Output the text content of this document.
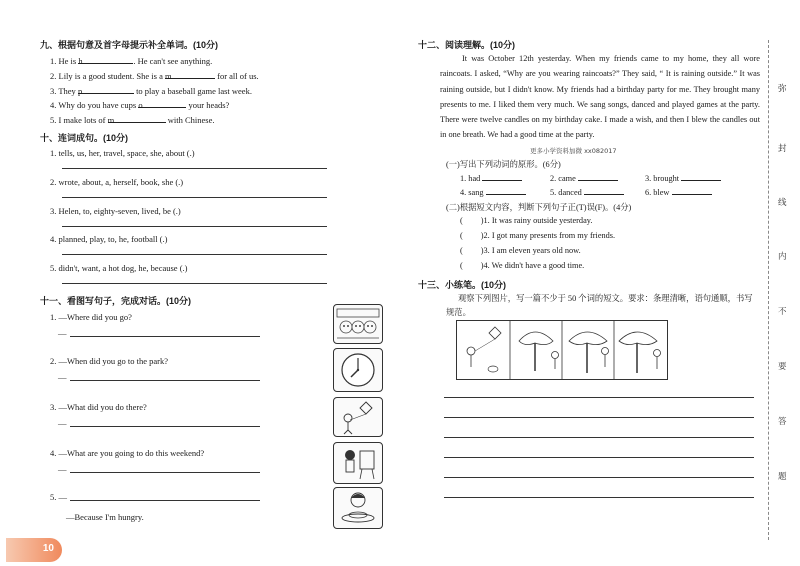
九、根据句意及首字母提示补全单词。(10分)
1. He is h	. He can't see anything.
2. Lily is a good student. She is a m	for all of us.
3. They p	to play a baseball game last week.
4. Why do you have cups o	your heads?
5. I make lots of m	with Chinese.
十、连词成句。(10分)
1. tells, us, her, travel, space, she, about (.)
2. wrote, about, a, herself, book, she (.)
3. Helen, to, eighty-seven, lived, be (.)
4. planned, play, to, he, football (.)
5. didn't, want, a hot dog, he, because (.)
十一、看图写句子，完成对话。(10分)
1. —Where did you go?
—
2. —When did you go to the park?
—
3. —What did you do there?
—
4. —What are you going to do this weekend?
—
5. —
—Because I'm hungry.
10
十二、阅读理解。(10分)
It was October 12th yesterday. When my friends came to my home, they all wore raincoats. I asked, “Why are you wearing raincoats?” They said, “ It is raining outside.” It was raining outside, but I didn't know. My friends had a birthday party for me. They brought many presents to me. I liked them very much. We sang songs, danced and played games at the party. There were twelve candles on my birthday cake. I made a wish, and then I blew the candles out in one breath. We had a good time at the party.
更多小学资料加微 xx082017
(一)写出下列动词的原形。(6分)
1. had	2. came	3. brought
4. sang	5. danced	6. blew
(二)根据短文内容，判断下列句子正(T)误(F)。(4分)
( )1. It was rainy outside yesterday.
( )2. I got many presents from my friends.
( )3. I am eleven years old now.
( )4. We didn't have a good time.
十三、小练笔。(10分)
观察下列图片，写一篇不少于 50 个词的短文。要求：条理清晰，语句通顺，书写
规范。
弥
封
线
内
不
要
答
题
